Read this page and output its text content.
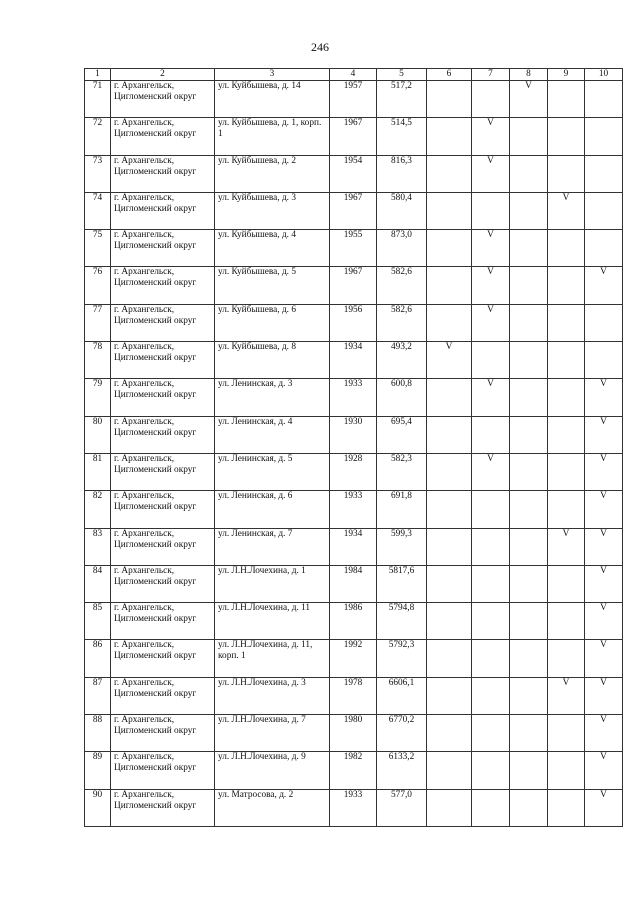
246
1	2	3	4	5	6	7	8	9	10
71	г. Архангельск, Цигломенский округ	ул. Куйбышева, д. 14	1957	517,2			V		
72	г. Архангельск, Цигломенский округ	ул. Куйбышева, д. 1, корп. 1	1967	514,5		V			
73	г. Архангельск, Цигломенский округ	ул. Куйбышева, д. 2	1954	816,3		V			
74	г. Архангельск, Цигломенский округ	ул. Куйбышева, д. 3	1967	580,4				V	
75	г. Архангельск, Цигломенский округ	ул. Куйбышева, д. 4	1955	873,0		V			
76	г. Архангельск, Цигломенский округ	ул. Куйбышева, д. 5	1967	582,6		V			V
77	г. Архангельск, Цигломенский округ	ул. Куйбышева, д. 6	1956	582,6		V			
78	г. Архангельск, Цигломенский округ	ул. Куйбышева, д. 8	1934	493,2	V				
79	г. Архангельск, Цигломенский округ	ул. Ленинская, д. 3	1933	600,8		V			V
80	г. Архангельск, Цигломенский округ	ул. Ленинская, д. 4	1930	695,4					V
81	г. Архангельск, Цигломенский округ	ул. Ленинская, д. 5	1928	582,3		V			V
82	г. Архангельск, Цигломенский округ	ул. Ленинская, д. 6	1933	691,8					V
83	г. Архангельск, Цигломенский округ	ул. Ленинская, д. 7	1934	599,3				V	V
84	г. Архангельск, Цигломенский округ	ул. Л.Н.Лочехина, д. 1	1984	5817,6					V
85	г. Архангельск, Цигломенский округ	ул. Л.Н.Лочехина, д. 11	1986	5794,8					V
86	г. Архангельск, Цигломенский округ	ул. Л.Н.Лочехина, д. 11, корп. 1	1992	5792,3					V
87	г. Архангельск, Цигломенский округ	ул. Л.Н.Лочехина, д. 3	1978	6606,1				V	V
88	г. Архангельск, Цигломенский округ	ул. Л.Н.Лочехина, д. 7	1980	6770,2					V
89	г. Архангельск, Цигломенский округ	ул. Л.Н.Лочехина, д. 9	1982	6133,2					V
90	г. Архангельск, Цигломенский округ	ул. Матросова, д. 2	1933	577,0					V
